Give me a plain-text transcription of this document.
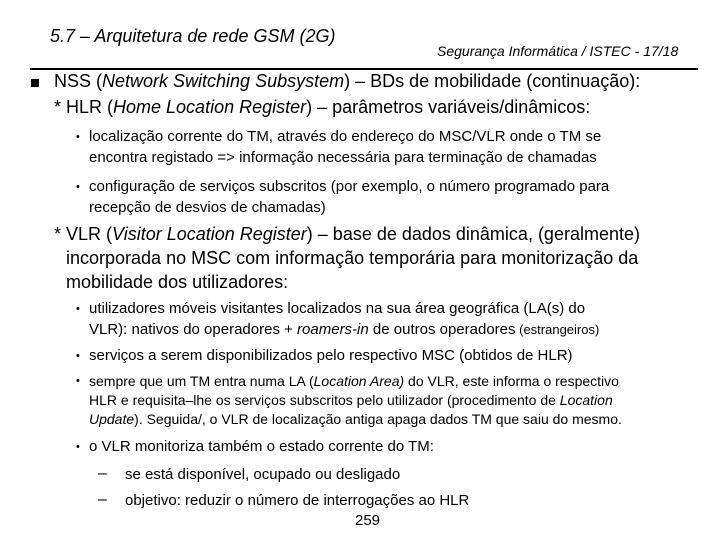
5.7 – Arquitetura de rede GSM (2G)
Segurança Informática / ISTEC - 17/18
NSS (Network Switching Subsystem) – BDs de mobilidade (continuação):
* HLR (Home Location Register) – parâmetros variáveis/dinâmicos:
• localização corrente do TM, através do endereço do MSC/VLR onde o TM se
encontra registado => informação necessária para terminação de chamadas
• configuração de serviços subscritos (por exemplo, o número programado para
recepção de desvios de chamadas)
* VLR (Visitor Location Register) – base de dados dinâmica, (geralmente)
incorporada no MSC com informação temporária para monitorização da
mobilidade dos utilizadores:
• utilizadores móveis visitantes localizados na sua área geográfica (LA(s) do
VLR): nativos do operadores + roamers-in de outros operadores (estrangeiros)
• serviços a serem disponibilizados pelo respectivo MSC (obtidos de HLR)
• sempre que um TM entra numa LA (Location Area) do VLR, este informa o respectivo
HLR e requisita–lhe os serviços subscritos pelo utilizador (procedimento de Location
Update). Seguida/, o VLR de localização antiga apaga dados TM que saiu do mesmo.
• o VLR monitoriza também o estado corrente do TM:
– se está disponível, ocupado ou desligado
– objetivo: reduzir o número de interrogações ao HLR
259
